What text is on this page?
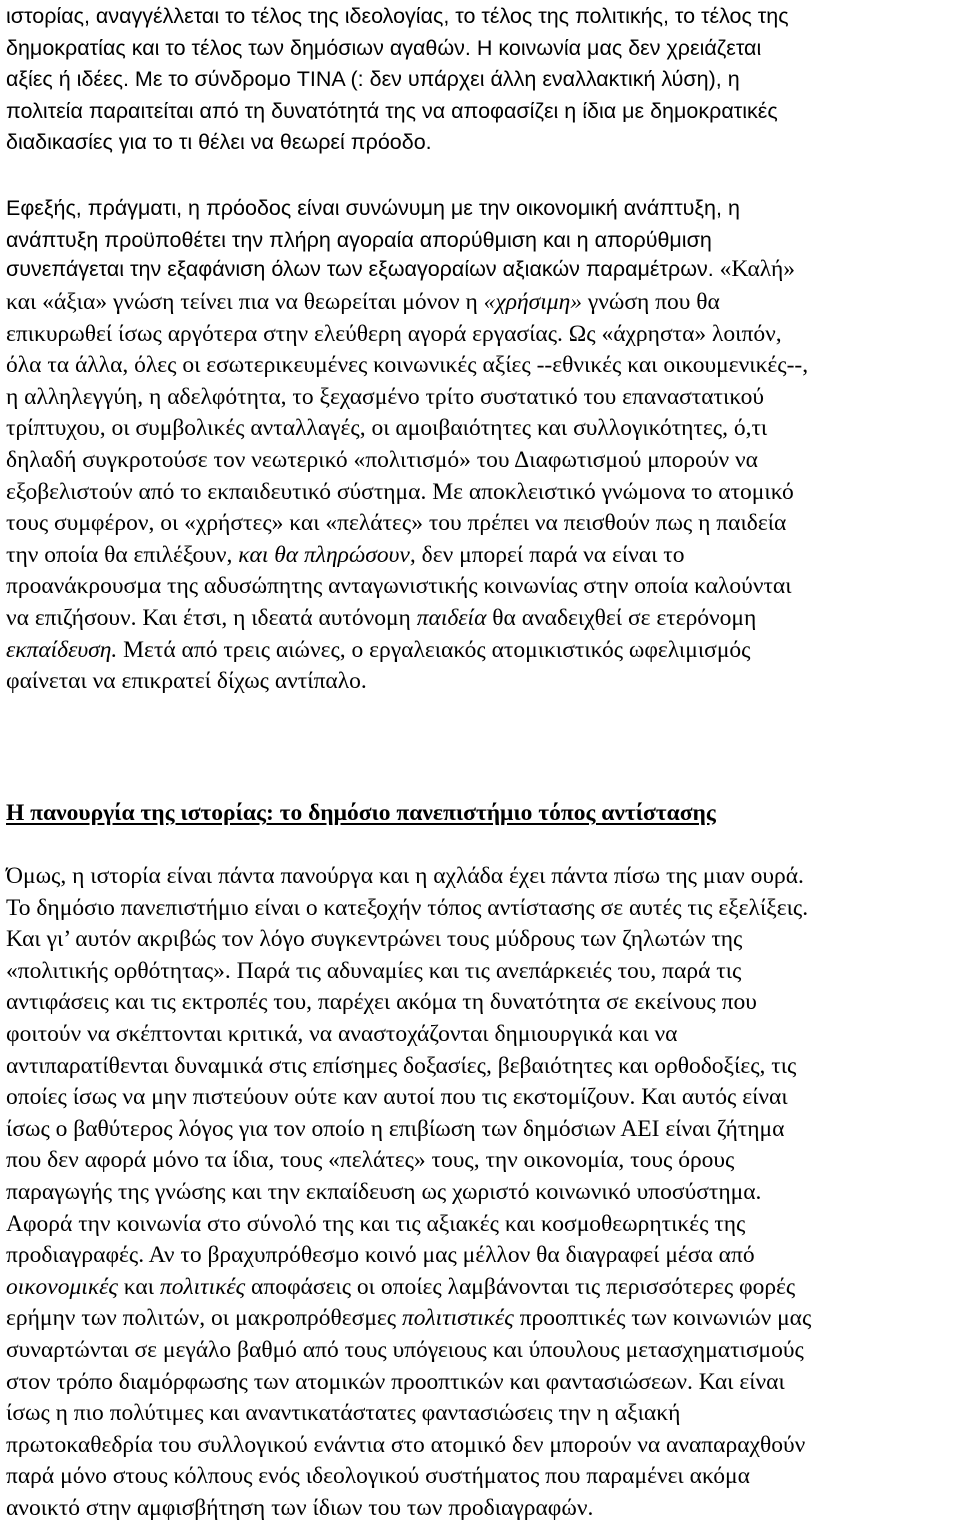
ιστορίας, αναγγέλλεται το τέλος της ιδεολογίας, το τέλος της πολιτικής, το τέλος της
δημοκρατίας και το τέλος των δημόσιων αγαθών. Η κοινωνία μας δεν χρειάζεται
αξίες ή ιδέες. Με το σύνδρομο TINA (: δεν υπάρχει άλλη εναλλακτική λύση), η
πολιτεία παραιτείται από τη δυνατότητά της να αποφασίζει η ίδια με δημοκρατικές
διαδικασίες για το τι θέλει να θεωρεί πρόοδο.

Εφεξής, πράγματι, η πρόοδος είναι συνώνυμη με την οικονομική ανάπτυξη, η
ανάπτυξη προϋποθέτει την πλήρη αγοραία απορύθμιση και η απορύθμιση
συνεπάγεται την εξαφάνιση όλων των εξωαγοραίων αξιακών παραμέτρων. «Καλή»
και «άξια» γνώση τείνει πια να θεωρείται μόνον η «χρήσιμη» γνώση που θα
επικυρωθεί ίσως αργότερα στην ελεύθερη αγορά εργασίας. Ως «άχρηστα» λοιπόν,
όλα τα άλλα, όλες οι εσωτερικευμένες κοινωνικές αξίες --εθνικές και οικουμενικές--,
η αλληλεγγύη, η αδελφότητα, το ξεχασμένο τρίτο συστατικό του επαναστατικού
τρίπτυχου, οι συμβολικές ανταλλαγές, οι αμοιβαιότητες και συλλογικότητες, ό,τι
δηλαδή συγκροτούσε τον νεωτερικό «πολιτισμό» του Διαφωτισμού μπορούν να
εξοβελιστούν από το εκπαιδευτικό σύστημα. Με αποκλειστικό γνώμονα το ατομικό
τους συμφέρον, οι «χρήστες» και «πελάτες» του πρέπει να πεισθούν πως η παιδεία
την οποία θα επιλέξουν, και θα πληρώσουν, δεν μπορεί παρά να είναι το
προανάκρουσμα της αδυσώπητης ανταγωνιστικής κοινωνίας στην οποία καλούνται
να επιζήσουν. Και έτσι, η ιδεατά αυτόνομη παιδεία θα αναδειχθεί σε ετερόνομη
εκπαίδευση. Μετά από τρεις αιώνες, ο εργαλειακός ατομικιστικός ωφελιμισμός
φαίνεται να επικρατεί δίχως αντίπαλο.
Η πανουργία της ιστορίας: το δημόσιο πανεπιστήμιο τόπος αντίστασης
Όμως, η ιστορία είναι πάντα πανούργα και η αχλάδα έχει πάντα πίσω της μιαν ουρά.
Το δημόσιο πανεπιστήμιο είναι ο κατεξοχήν τόπος αντίστασης σε αυτές τις εξελίξεις.
Και γι’ αυτόν ακριβώς τον λόγο συγκεντρώνει τους μύδρους των ζηλωτών της
«πολιτικής ορθότητας». Παρά τις αδυναμίες και τις ανεπάρκειές του, παρά τις
αντιφάσεις και τις εκτροπές του, παρέχει ακόμα τη δυνατότητα σε εκείνους που
φοιτούν να σκέπτονται κριτικά, να αναστοχάζονται δημιουργικά και να
αντιπαρατίθενται δυναμικά στις επίσημες δοξασίες, βεβαιότητες και ορθοδοξίες, τις
οποίες ίσως να μην πιστεύουν ούτε καν αυτοί που τις εκστομίζουν. Και αυτός είναι
ίσως ο βαθύτερος λόγος για τον οποίο η επιβίωση των δημόσιων ΑΕΙ είναι ζήτημα
που δεν αφορά μόνο τα ίδια, τους «πελάτες» τους, την οικονομία, τους όρους
παραγωγής της γνώσης και την εκπαίδευση ως χωριστό κοινωνικό υποσύστημα.
Αφορά την κοινωνία στο σύνολό της και τις αξιακές και κοσμοθεωρητικές της
προδιαγραφές. Αν το βραχυπρόθεσμο κοινό μας μέλλον θα διαγραφεί μέσα από
οικονομικές και πολιτικές αποφάσεις οι οποίες λαμβάνονται τις περισσότερες φορές
ερήμην των πολιτών, οι μακροπρόθεσμες πολιτιστικές προοπτικές των κοινωνιών μας
συναρτώνται σε μεγάλο βαθμό από τους υπόγειους και ύπουλους μετασχηματισμούς
στον τρόπο διαμόρφωσης των ατομικών προοπτικών και φαντασιώσεων. Και είναι
ίσως η πιο πολύτιμες και αναντικατάστατες φαντασιώσεις την η αξιακή
πρωτοκαθεδρία του συλλογικού ενάντια στο ατομικό δεν μπορούν να αναπαραχθούν
παρά μόνο στους κόλπους ενός ιδεολογικού συστήματος που παραμένει ακόμα
ανοικτό στην αμφισβήτηση των ίδιων του των προδιαγραφών.
